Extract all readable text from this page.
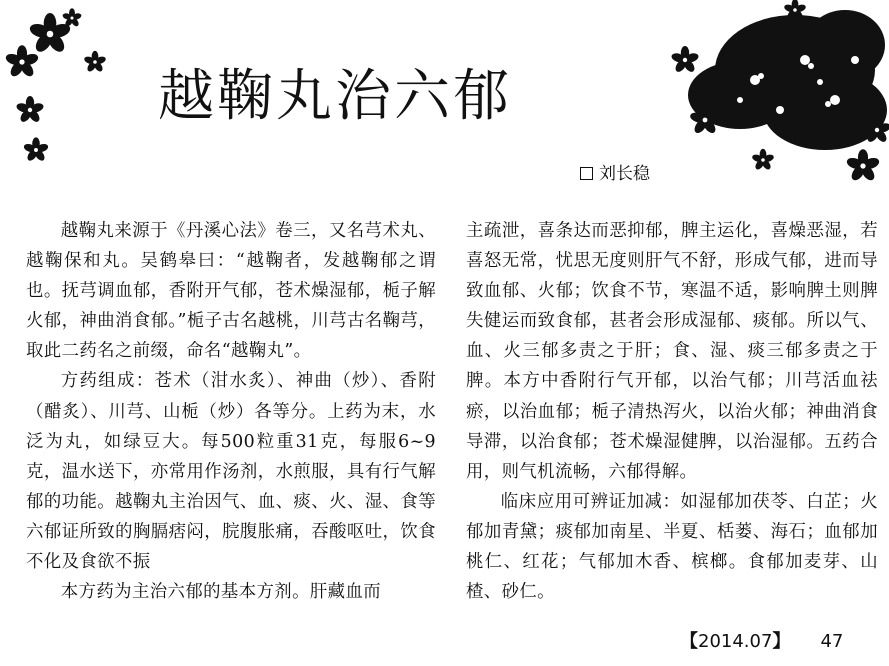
越鞠丸治六郁
刘长稳

越鞠丸来源于《丹溪心法》卷三，又名芎术丸、越鞠保和丸。吴鹤皋曰：“越鞠者，发越鞠郁之谓也。抚芎调血郁，香附开气郁，苍术燥湿郁，栀子解火郁，神曲消食郁。”栀子古名越桃，川芎古名鞠芎，取此二药名之前缀，命名“越鞠丸”。

方药组成：苍术（泔水炙）、神曲（炒）、香附（醋炙）、川芎、山栀（炒）各等分。上药为末，水泛为丸，如绿豆大。每500粒重31克，每服6~9克，温水送下，亦常用作汤剂，水煎服，具有行气解郁的功能。越鞠丸主治因气、血、痰、火、湿、食等六郁证所致的胸膈痞闷，脘腹胀痛，吞酸呕吐，饮食不化及食欲不振

本方药为主治六郁的基本方剂。肝藏血而

主疏泄，喜条达而恶抑郁，脾主运化，喜燥恶湿，若喜怒无常，忧思无度则肝气不舒，形成气郁，进而导致血郁、火郁；饮食不节，寒温不适，影响脾土则脾失健运而致食郁，甚者会形成湿郁、痰郁。所以气、血、火三郁多责之于肝；食、湿、痰三郁多责之于脾。本方中香附行气开郁，以治气郁；川芎活血祛瘀，以治血郁；栀子清热泻火，以治火郁；神曲消食导滞，以治食郁；苍术燥湿健脾，以治湿郁。五药合用，则气机流畅，六郁得解。

临床应用可辨证加减：如湿郁加茯苓、白芷；火郁加青黛；痰郁加南星、半夏、栝蒌、海石；血郁加桃仁、红花；气郁加木香、槟榔。食郁加麦芽、山楂、砂仁。

【2014.07】 47
